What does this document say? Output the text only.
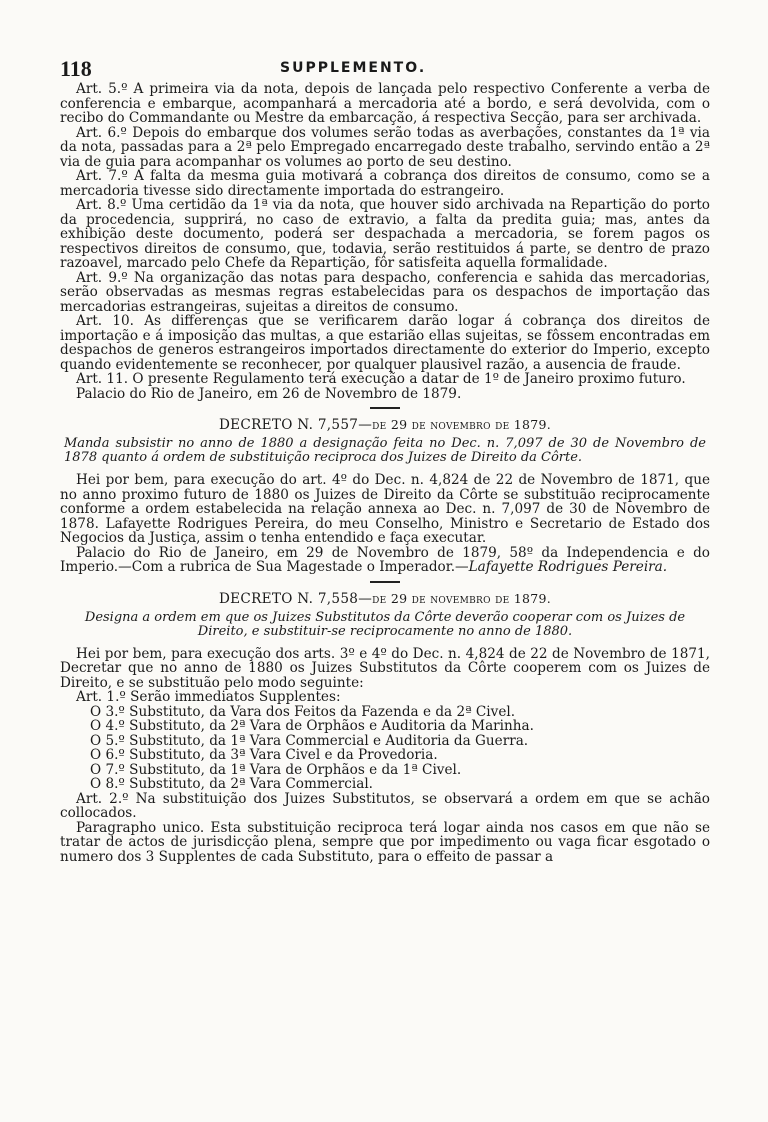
118	SUPPLEMENTO.

Art. 5.º A primeira via da nota, depois de lançada pelo respectivo Conferente a verba de conferencia e embarque, acompanhará a mercadoria até a bordo, e será devolvida, com o recibo do Commandante ou Mestre da embarcação, á respectiva Secção, para ser archivada.

Art. 6.º Depois do embarque dos volumes serão todas as averbações, constantes da 1ª via da nota, passadas para a 2ª pelo Empregado encarregado deste trabalho, servindo então a 2ª via de guia para acompanhar os volumes ao porto de seu destino.

Art. 7.º A falta da mesma guia motivará a cobrança dos direitos de consumo, como se a mercadoria tivesse sido directamente importada do estrangeiro.

Art. 8.º Uma certidão da 1ª via da nota, que houver sido archivada na Repartição do porto da procedencia, supprirá, no caso de extravio, a falta da predita guia; mas, antes da exhibição deste documento, poderá ser despachada a mercadoria, se forem pagos os respectivos direitos de consumo, que, todavia, serão restituidos á parte, se dentro de prazo razoavel, marcado pelo Chefe da Repartição, fôr satisfeita aquella formalidade.

Art. 9.º Na organização das notas para despacho, conferencia e sahida das mercadorias, serão observadas as mesmas regras estabelecidas para os despachos de importação das mercadorias estrangeiras, sujeitas a direitos de consumo.

Art. 10. As differenças que se verificarem darão logar á cobrança dos direitos de importação e á imposição das multas, a que estarião ellas sujeitas, se fôssem encontradas em despachos de generos estrangeiros importados directamente do exterior do Imperio, excepto quando evidentemente se reconhecer, por qualquer plausivel razão, a ausencia de fraude.

Art. 11. O presente Regulamento terá execução a datar de 1º de Janeiro proximo futuro.

Palacio do Rio de Janeiro, em 26 de Novembro de 1879.

DECRETO N. 7,557—de 29 de novembro de 1879.

Manda subsistir no anno de 1880 a designação feita no Dec. n. 7,097 de 30 de Novembro de 1878 quanto á ordem de substituição reciproca dos Juizes de Direito da Côrte.

Hei por bem, para execução do art. 4º do Dec. n. 4,824 de 22 de Novembro de 1871, que no anno proximo futuro de 1880 os Juizes de Direito da Côrte se substituão reciprocamente conforme a ordem estabelecida na relação annexa ao Dec. n. 7,097 de 30 de Novembro de 1878. Lafayette Rodrigues Pereira, do meu Conselho, Ministro e Secretario de Estado dos Negocios da Justiça, assim o tenha entendido e faça executar.

Palacio do Rio de Janeiro, em 29 de Novembro de 1879, 58º da Independencia e do Imperio.—Com a rubrica de Sua Magestade o Imperador.—Lafayette Rodrigues Pereira.

DECRETO N. 7,558—de 29 de novembro de 1879.

Designa a ordem em que os Juizes Substitutos da Côrte deverão cooperar com os Juizes de Direito, e substituir-se reciprocamente no anno de 1880.

Hei por bem, para execução dos arts. 3º e 4º do Dec. n. 4,824 de 22 de Novembro de 1871, Decretar que no anno de 1880 os Juizes Substitutos da Côrte cooperem com os Juizes de Direito, e se substituão pelo modo seguinte:

Art. 1.º Serão immediatos Supplentes:

O 3.º Substituto, da Vara dos Feitos da Fazenda e da 2ª Civel.

O 4.º Substituto, da 2ª Vara de Orphãos e Auditoria da Marinha.

O 5.º Substituto, da 1ª Vara Commercial e Auditoria da Guerra.

O 6.º Substituto, da 3ª Vara Civel e da Provedoria.

O 7.º Substituto, da 1ª Vara de Orphãos e da 1ª Civel.

O 8.º Substituto, da 2ª Vara Commercial.

Art. 2.º Na substituição dos Juizes Substitutos, se observará a ordem em que se achão collocados.

Paragrapho unico. Esta substituição reciproca terá logar ainda nos casos em que não se tratar de actos de jurisdicção plena, sempre que por impedimento ou vaga ficar esgotado o numero dos 3 Supplentes de cada Substituto, para o effeito de passar a
